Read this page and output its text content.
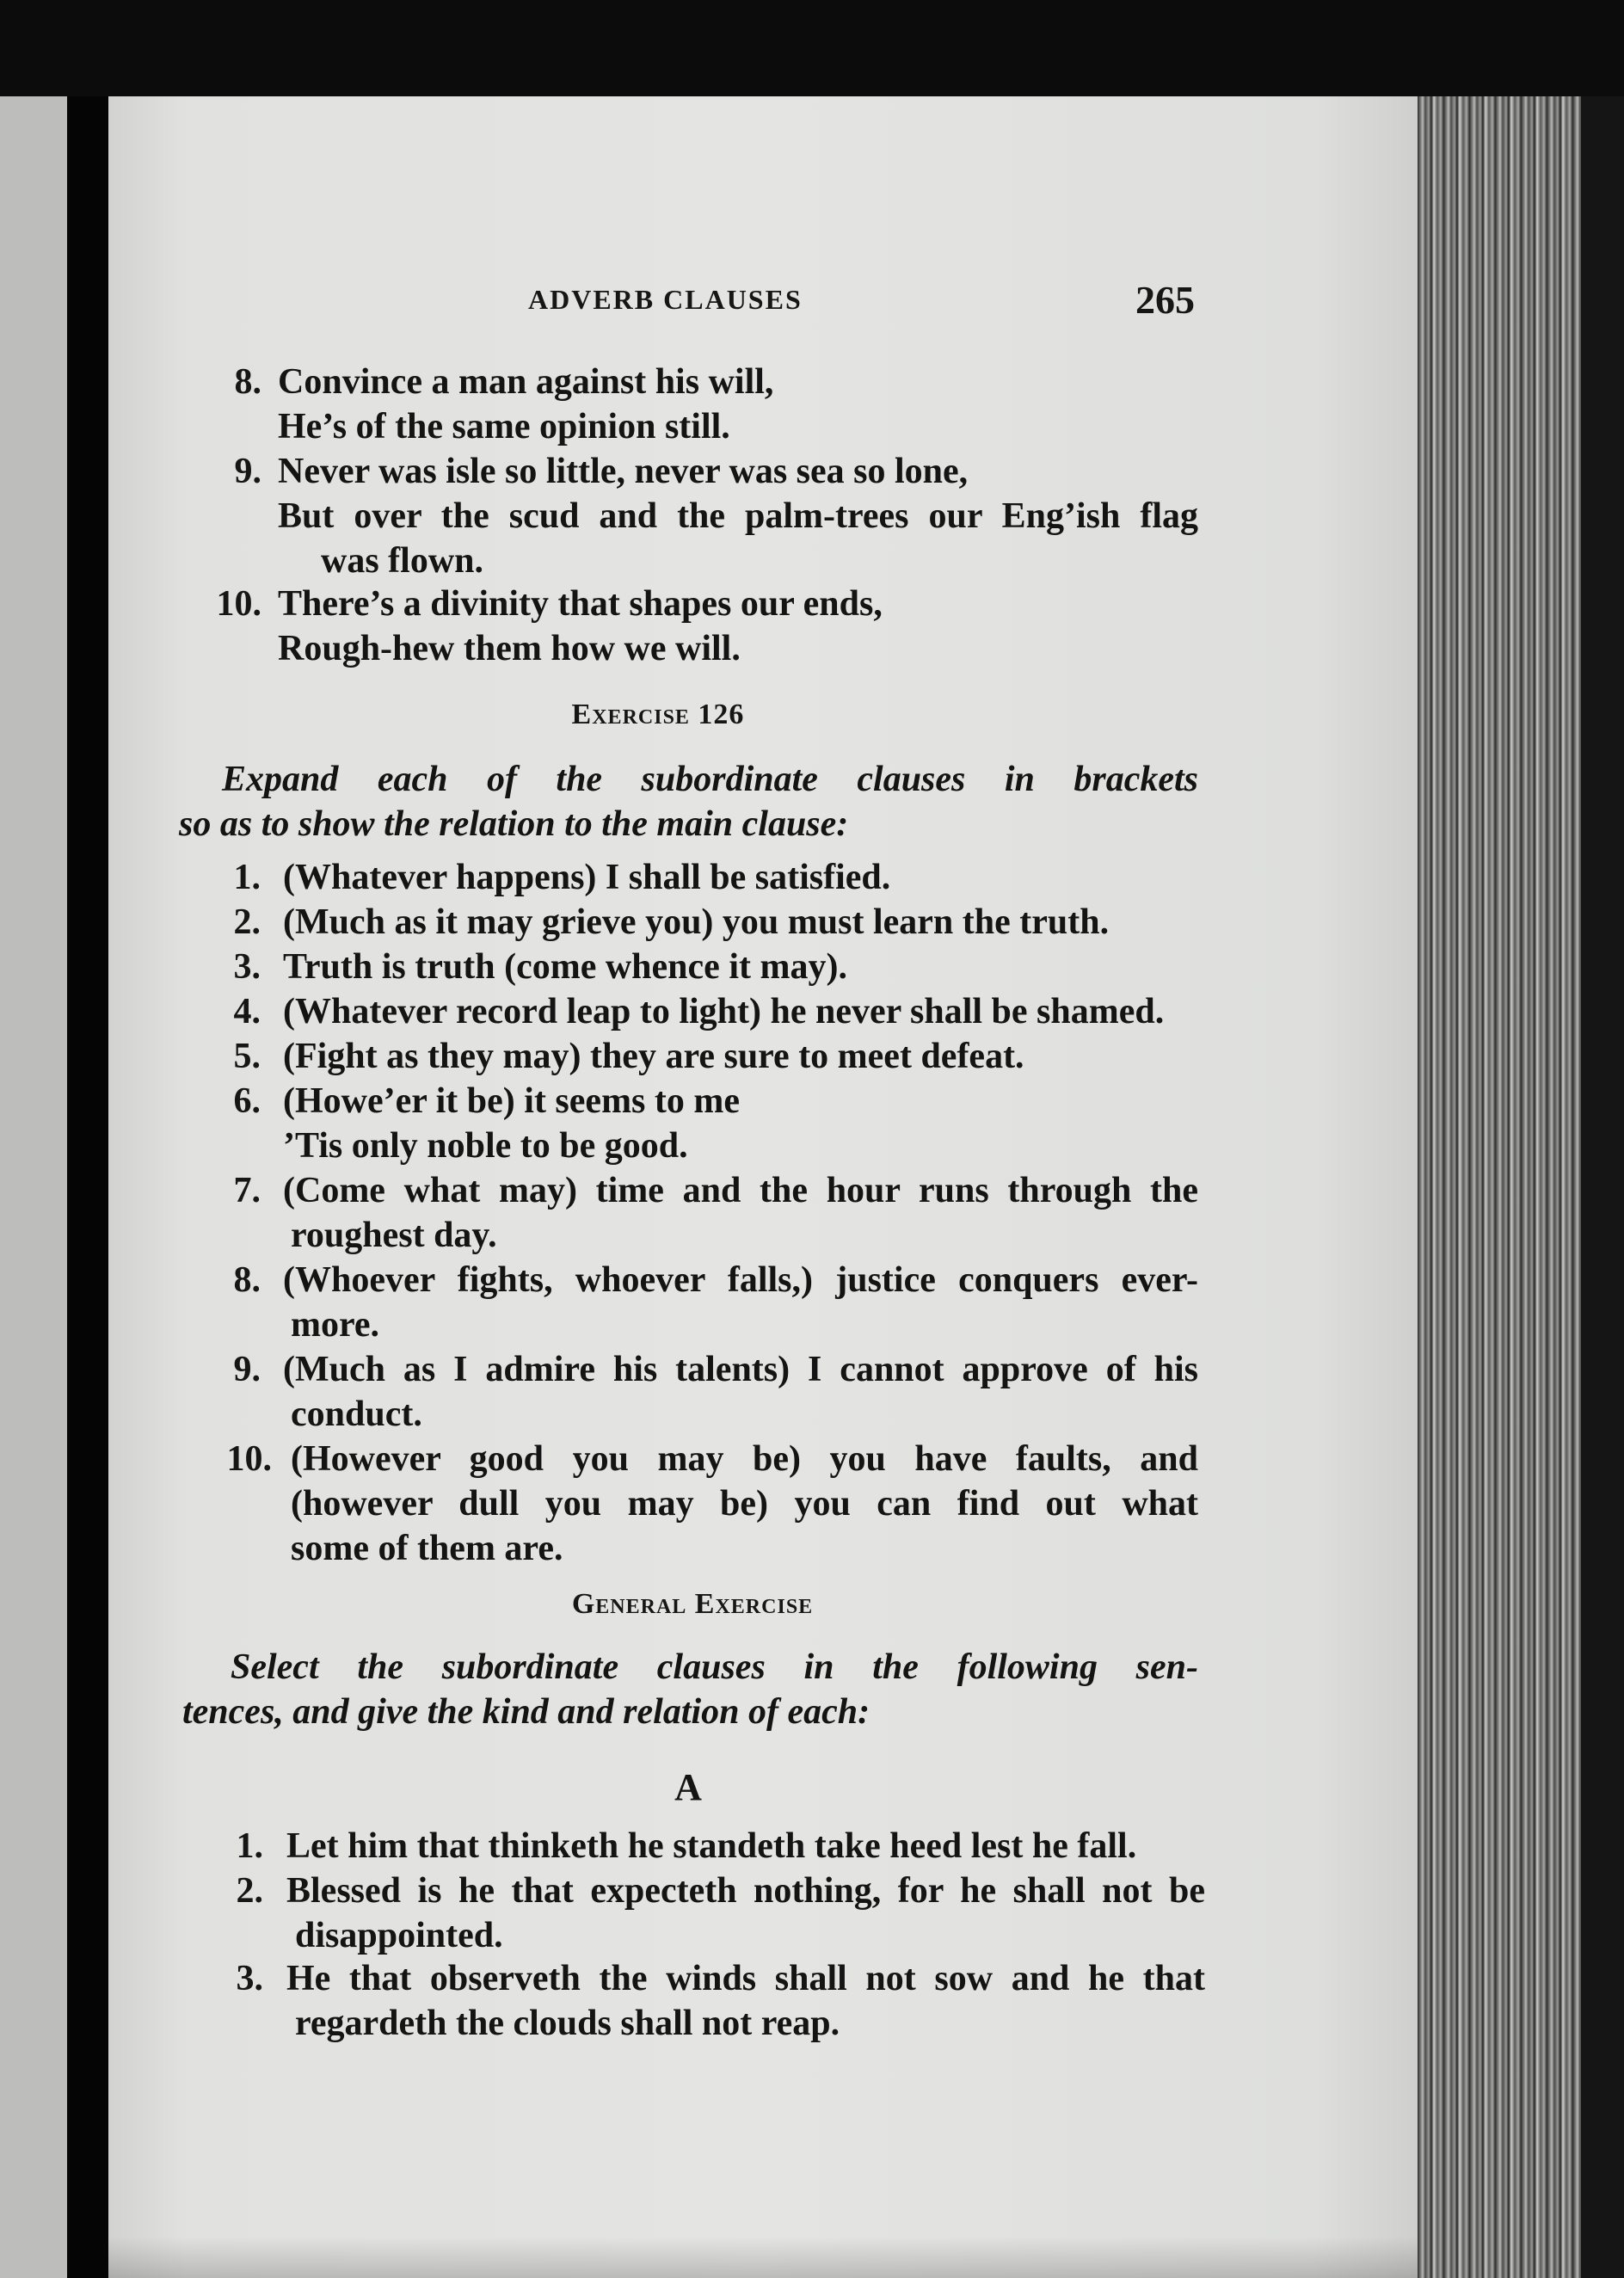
ADVERB CLAUSES	265
8. Convince a man against his will,
He’s of the same opinion still.
9. Never was isle so little, never was sea so lone,
But over the scud and the palm-trees our Eng’ish flag
was flown.
10. There’s a divinity that shapes our ends,
Rough-hew them how we will.
Exercise 126
Expand each of the subordinate clauses in brackets
so as to show the relation to the main clause:
1. (Whatever happens) I shall be satisfied.
2. (Much as it may grieve you) you must learn the truth.
3. Truth is truth (come whence it may).
4. (Whatever record leap to light) he never shall be shamed.
5. (Fight as they may) they are sure to meet defeat.
6. (Howe’er it be) it seems to me
’Tis only noble to be good.
7. (Come what may) time and the hour runs through the
roughest day.
8. (Whoever fights, whoever falls,) justice conquers ever-
more.
9. (Much as I admire his talents) I cannot approve of his
conduct.
10. (However good you may be) you have faults, and
(however dull you may be) you can find out what
some of them are.
General Exercise
Select the subordinate clauses in the following sen-
tences, and give the kind and relation of each:
A
1. Let him that thinketh he standeth take heed lest he fall.
2. Blessed is he that expecteth nothing, for he shall not be
disappointed.
3. He that observeth the winds shall not sow and he that
regardeth the clouds shall not reap.
